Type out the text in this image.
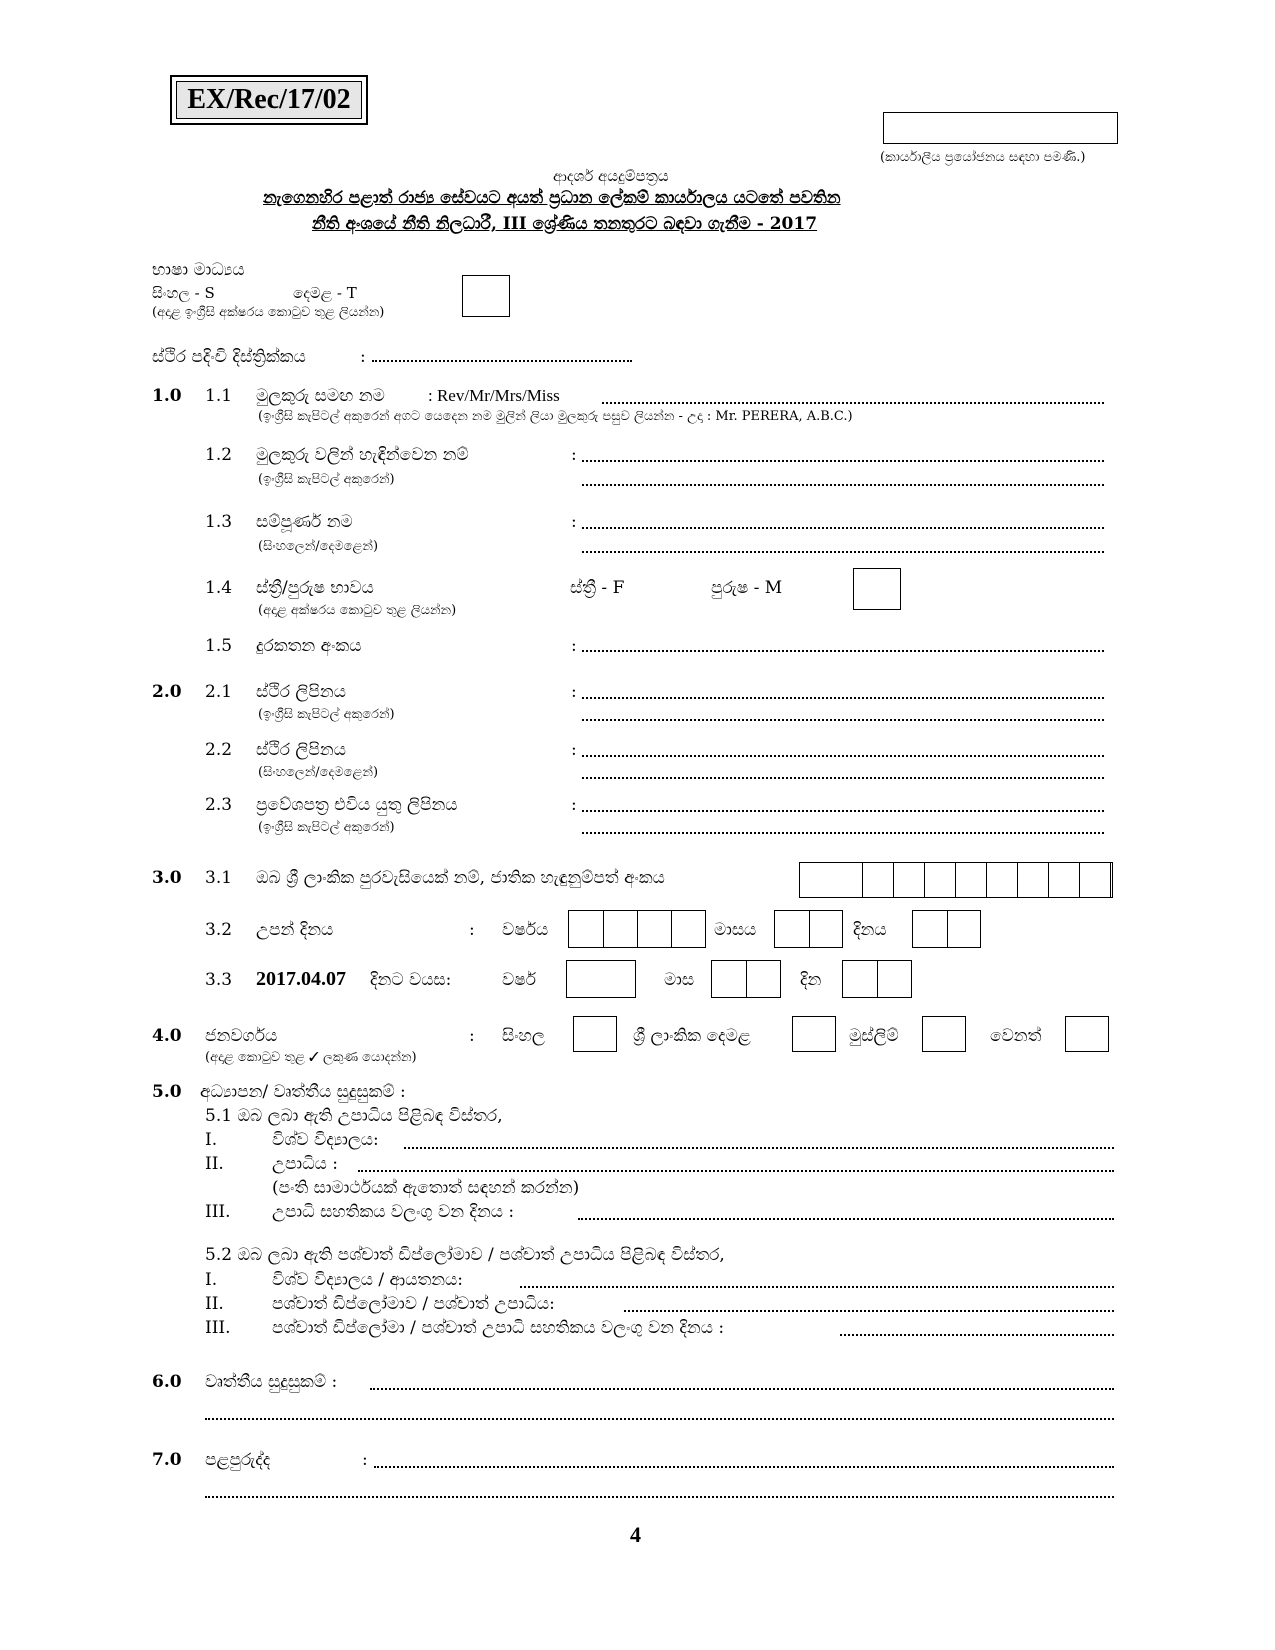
EX/Rec/17/02
(කාර්යාලීය ප්‍රයෝජනය සඳහා පමණි.)
ආදර්ශ අයදුම්පත්‍රය
නැගෙනහිර පළාත් රාජ්‍ය සේවයට අයත් ප්‍රධාන ලේකම් කාර්යාලය යටතේ පවතින
නීති අංශයේ නීති නිලධාරී, III ශ්‍රේණිය තනතුරට බඳවා ගැනීම - 2017
භාෂා මාධ්‍යය
සිංහල - S	දෙමළ - T
(අදාළ ඉංග්‍රීසි අක්ෂරය කොටුව තුළ ලියන්න)
ස්ථිර පදිංචි දිස්ත්‍රික්කය	:
1.0 1.1 මුලකුරු සමඟ නම	: Rev/Mr/Mrs/Miss
(ඉංග්‍රීසි කැපිටල් අකුරෙන් අගට යෙදෙන නම මුලින් ලියා මුලකුරු පසුව ලියන්න - උදා : Mr. PERERA, A.B.C.)
1.2 මුලකුරු වලින් හැඳින්වෙන නම්	:
(ඉංග්‍රීසි කැපිටල් අකුරෙන්)
1.3 සම්පූර්ණ නම	:
(සිංහලෙන්/දෙමළෙන්)
1.4 ස්ත්‍රී/පුරුෂ භාවය	ස්ත්‍රී - F	පුරුෂ - M
(අදාළ අක්ෂරය කොටුව තුළ ලියන්න)
1.5 දුරකතන අංකය	:
2.0 2.1 ස්ථිර ලිපිනය	:
(ඉංග්‍රීසි කැපිටල් අකුරෙන්)
2.2 ස්ථිර ලිපිනය	:
(සිංහලෙන්/දෙමළෙන්)
2.3 ප්‍රවේශපත්‍ර එවිය යුතු ලිපිනය	:
(ඉංග්‍රීසි කැපිටල් අකුරෙන්)
3.0 3.1 ඔබ ශ්‍රී ලාංකික පුරවැසියෙක් නම්, ජාතික හැඳුනුම්පත් අංකය
3.2 උපන් දිනය	: වර්ෂය	මාසය	දිනය
3.3 2017.04.07 දිනට වයස:	වර්ෂ	මාස	දින
4.0 ජනවර්ගය	:
(අදාළ කොටුව තුළ ✓ ලකුණ යොදන්න)
සිංහල	ශ්‍රී ලාංකික දෙමළ	මුස්ලිම්	වෙනත්
5.0 අධ්‍යාපන/ වෘත්තීය සුදුසුකම් :
5.1 ඔබ ලබා ඇති උපාධිය පිළිබඳ විස්තර,
I.	විශ්ව විද්‍යාලය:
II.	උපාධිය :
(පංති සාමාර්ථයක් ඇතොත් සඳහන් කරන්න)
III. උපාධි සහතිකය වලංගු වන දිනය :
5.2 ඔබ ලබා ඇති පශ්චාත් ඩිප්ලෝමාව / පශ්චාත් උපාධිය පිළිබඳ විස්තර,
I.	විශ්ව විද්‍යාලය / ආයතනය:
II.	පශ්චාත් ඩිප්ලෝමාව / පශ්චාත් උපාධිය:
III. පශ්චාත් ඩිප්ලෝමා / පශ්චාත් උපාධි සහතිකය වලංගු වන දිනය :
6.0 වෘත්තීය සුදුසුකම් :
7.0 පළපුරුද්ද	:
4
